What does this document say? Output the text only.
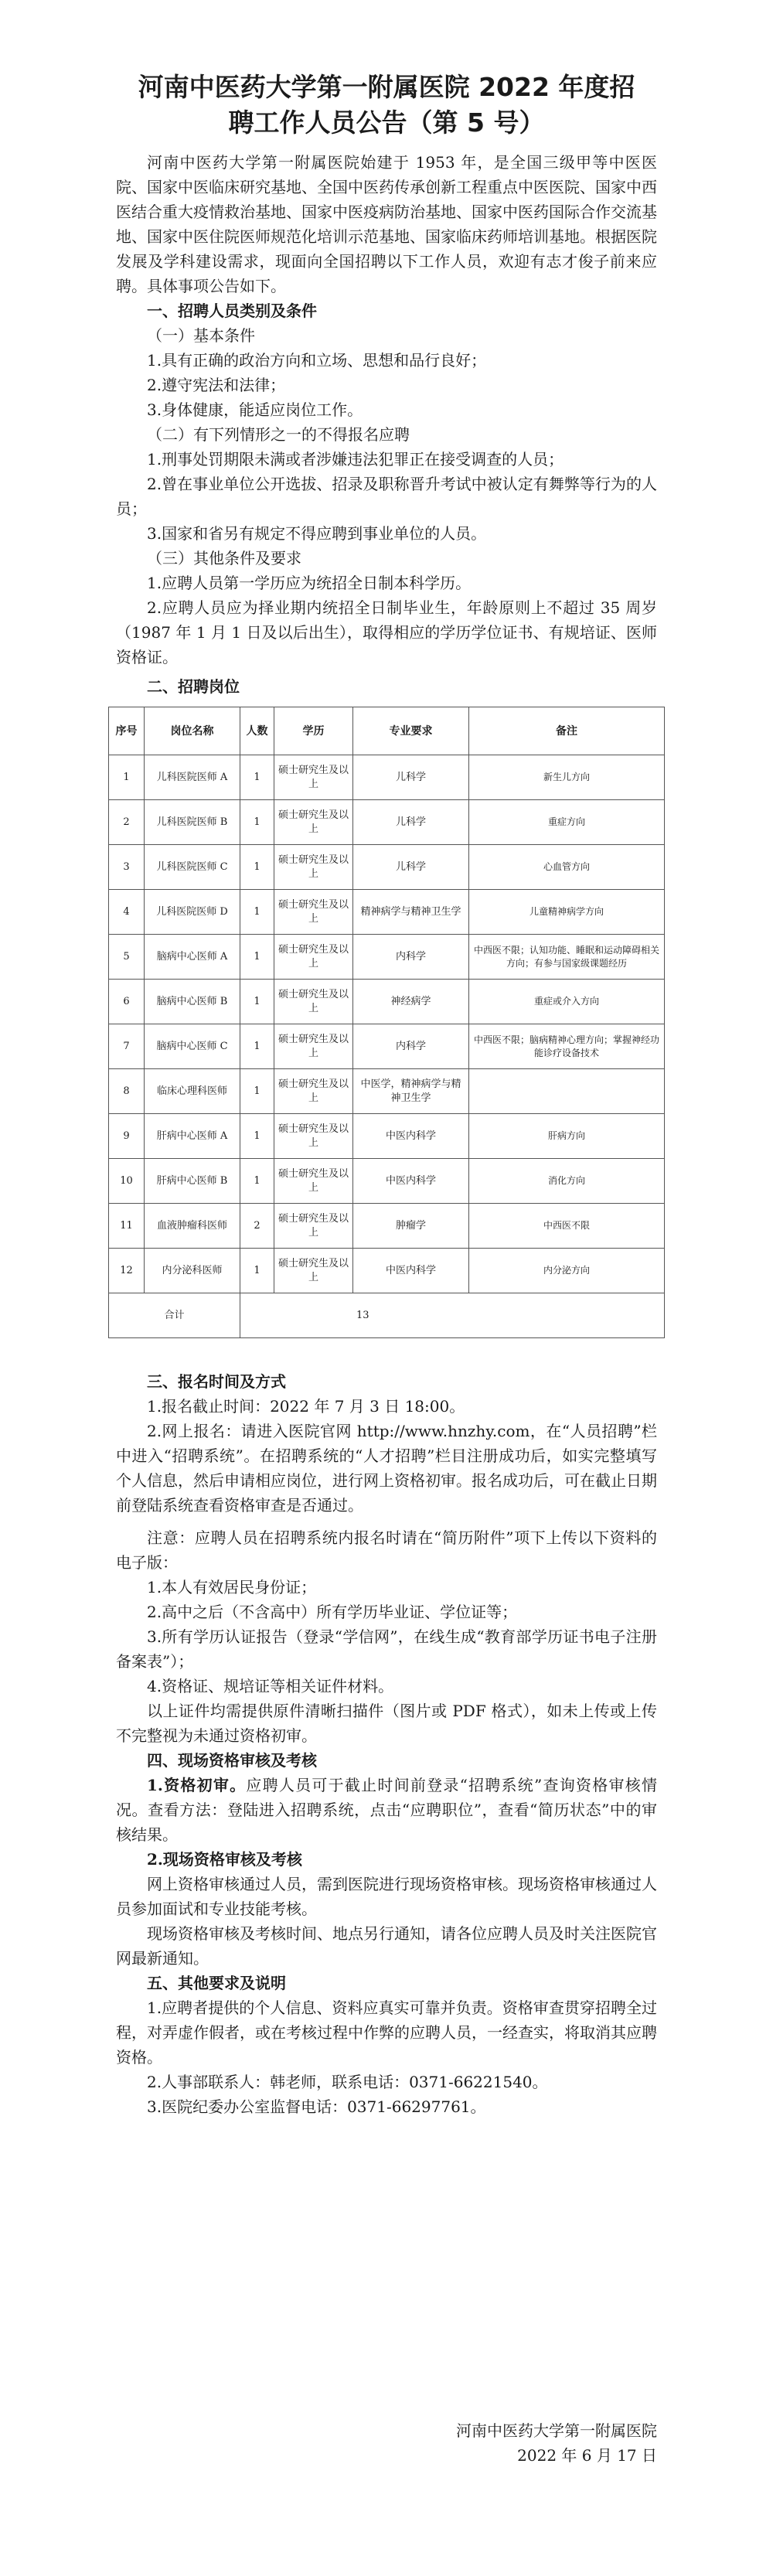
河南中医药大学第一附属医院 2022 年度招
聘工作人员公告（第 5 号）

河南中医药大学第一附属医院始建于 1953 年，是全国三级甲等中医医院、国家中医临床研究基地、全国中医药传承创新工程重点中医医院、国家中西医结合重大疫情救治基地、国家中医疫病防治基地、国家中医药国际合作交流基地、国家中医住院医师规范化培训示范基地、国家临床药师培训基地。根据医院发展及学科建设需求，现面向全国招聘以下工作人员，欢迎有志才俊子前来应聘。具体事项公告如下。

一、招聘人员类别及条件

（一）基本条件

1.具有正确的政治方向和立场、思想和品行良好；

2.遵守宪法和法律；

3.身体健康，能适应岗位工作。

（二）有下列情形之一的不得报名应聘

1.刑事处罚期限未满或者涉嫌违法犯罪正在接受调查的人员；

2.曾在事业单位公开选拔、招录及职称晋升考试中被认定有舞弊等行为的人员；

3.国家和省另有规定不得应聘到事业单位的人员。

（三）其他条件及要求

1.应聘人员第一学历应为统招全日制本科学历。

2.应聘人员应为择业期内统招全日制毕业生，年龄原则上不超过 35 周岁（1987 年 1 月 1 日及以后出生），取得相应的学历学位证书、有规培证、医师资格证。

二、招聘岗位

序号	岗位名称	人数	学历	专业要求	备注
1	儿科医院医师 A	1	硕士研究生及以上	儿科学	新生儿方向
2	儿科医院医师 B	1	硕士研究生及以上	儿科学	重症方向
3	儿科医院医师 C	1	硕士研究生及以上	儿科学	心血管方向
4	儿科医院医师 D	1	硕士研究生及以上	精神病学与精神卫生学	儿童精神病学方向
5	脑病中心医师 A	1	硕士研究生及以上	内科学	中西医不限；认知功能、睡眠和运动障碍相关方向；有参与国家级课题经历
6	脑病中心医师 B	1	硕士研究生及以上	神经病学	重症或介入方向
7	脑病中心医师 C	1	硕士研究生及以上	内科学	中西医不限；脑病精神心理方向；掌握神经功能诊疗设备技术
8	临床心理科医师	1	硕士研究生及以上	中医学，精神病学与精神卫生学	
9	肝病中心医师 A	1	硕士研究生及以上	中医内科学	肝病方向
10	肝病中心医师 B	1	硕士研究生及以上	中医内科学	消化方向
11	血液肿瘤科医师	2	硕士研究生及以上	肿瘤学	中西医不限
12	内分泌科医师	1	硕士研究生及以上	中医内科学	内分泌方向
合计		13			

三、报名时间及方式

1.报名截止时间：2022 年 7 月 3 日 18:00。

2.网上报名：请进入医院官网 http://www.hnzhy.com，在“人员招聘”栏中进入“招聘系统”。在招聘系统的“人才招聘”栏目注册成功后，如实完整填写个人信息，然后申请相应岗位，进行网上资格初审。报名成功后，可在截止日期前登陆系统查看资格审查是否通过。

注意：应聘人员在招聘系统内报名时请在“简历附件”项下上传以下资料的电子版：

1.本人有效居民身份证；

2.高中之后（不含高中）所有学历毕业证、学位证等；

3.所有学历认证报告（登录“学信网”，在线生成“教育部学历证书电子注册备案表”）；

4.资格证、规培证等相关证件材料。

以上证件均需提供原件清晰扫描件（图片或 PDF 格式），如未上传或上传不完整视为未通过资格初审。

四、现场资格审核及考核

1.资格初审。应聘人员可于截止时间前登录“招聘系统”查询资格审核情况。查看方法：登陆进入招聘系统，点击“应聘职位”，查看“简历状态”中的审核结果。

2.现场资格审核及考核

网上资格审核通过人员，需到医院进行现场资格审核。现场资格审核通过人员参加面试和专业技能考核。

现场资格审核及考核时间、地点另行通知，请各位应聘人员及时关注医院官网最新通知。

五、其他要求及说明

1.应聘者提供的个人信息、资料应真实可靠并负责。资格审查贯穿招聘全过程，对弄虚作假者，或在考核过程中作弊的应聘人员，一经查实，将取消其应聘资格。

2.人事部联系人：韩老师，联系电话：0371-66221540。

3.医院纪委办公室监督电话：0371-66297761。

河南中医药大学第一附属医院
2022 年 6 月 17 日
